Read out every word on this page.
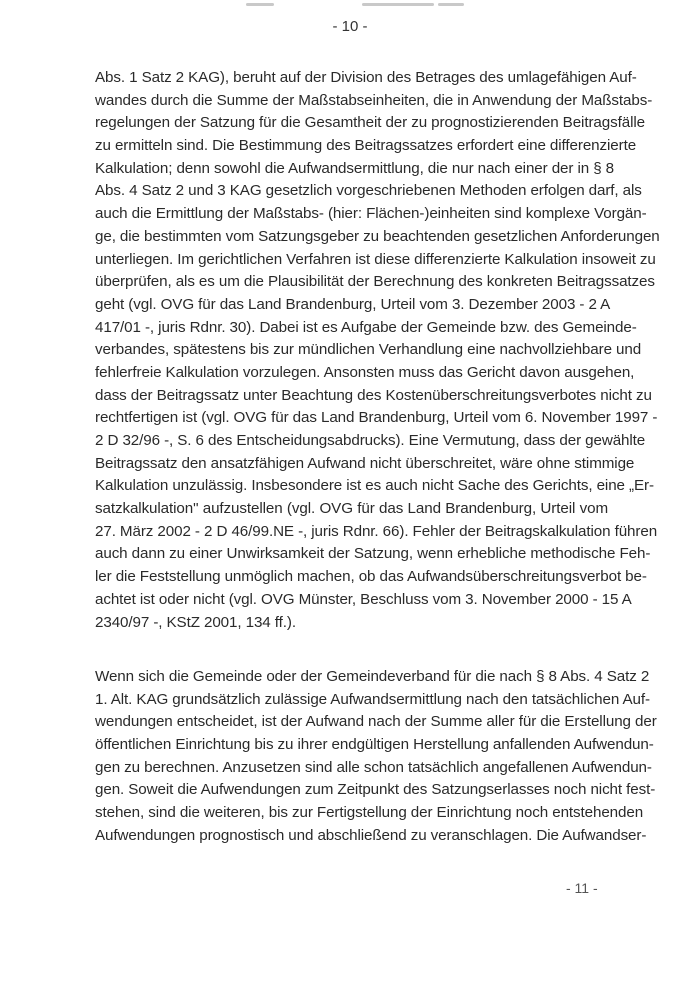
- 10 -
Abs. 1 Satz 2 KAG), beruht auf der Division des Betrages des umlagefähigen Auf-
wandes durch die Summe der Maßstabseinheiten, die in Anwendung der Maßstabs-
regelungen der Satzung für die Gesamtheit der zu prognostizierenden Beitragsfälle
zu ermitteln sind. Die Bestimmung des Beitragssatzes erfordert eine differenzierte
Kalkulation; denn sowohl die Aufwandsermittlung, die nur nach einer der in § 8
Abs. 4 Satz 2 und 3 KAG gesetzlich vorgeschriebenen Methoden erfolgen darf, als
auch die Ermittlung der Maßstabs- (hier: Flächen-)einheiten sind komplexe Vorgän-
ge, die bestimmten vom Satzungsgeber zu beachtenden gesetzlichen Anforderungen
unterliegen. Im gerichtlichen Verfahren ist diese differenzierte Kalkulation insoweit zu
überprüfen, als es um die Plausibilität der Berechnung des konkreten Beitragssatzes
geht (vgl. OVG für das Land Brandenburg, Urteil vom 3. Dezember 2003 - 2 A
417/01 -, juris Rdnr. 30). Dabei ist es Aufgabe der Gemeinde bzw. des Gemeinde-
verbandes, spätestens bis zur mündlichen Verhandlung eine nachvollziehbare und
fehlerfreie Kalkulation vorzulegen. Ansonsten muss das Gericht davon ausgehen,
dass der Beitragssatz unter Beachtung des Kostenüberschreitungsverbotes nicht zu
rechtfertigen ist (vgl. OVG für das Land Brandenburg, Urteil vom 6. November 1997 -
2 D 32/96 -, S. 6 des Entscheidungsabdrucks). Eine Vermutung, dass der gewählte
Beitragssatz den ansatzfähigen Aufwand nicht überschreitet, wäre ohne stimmige
Kalkulation unzulässig. Insbesondere ist es auch nicht Sache des Gerichts, eine „Er-
satzkalkulation" aufzustellen (vgl. OVG für das Land Brandenburg, Urteil vom
27. März 2002 - 2 D 46/99.NE -, juris Rdnr. 66). Fehler der Beitragskalkulation führen
auch dann zu einer Unwirksamkeit der Satzung, wenn erhebliche methodische Feh-
ler die Feststellung unmöglich machen, ob das Aufwandsüberschreitungsverbot be-
achtet ist oder nicht (vgl. OVG Münster, Beschluss vom 3. November 2000 - 15 A
2340/97 -, KStZ 2001, 134 ff.).
Wenn sich die Gemeinde oder der Gemeindeverband für die nach § 8 Abs. 4 Satz 2
1. Alt. KAG grundsätzlich zulässige Aufwandsermittlung nach den tatsächlichen Auf-
wendungen entscheidet, ist der Aufwand nach der Summe aller für die Erstellung der
öffentlichen Einrichtung bis zu ihrer endgültigen Herstellung anfallenden Aufwendun-
gen zu berechnen. Anzusetzen sind alle schon tatsächlich angefallenen Aufwendun-
gen. Soweit die Aufwendungen zum Zeitpunkt des Satzungserlasses noch nicht fest-
stehen, sind die weiteren, bis zur Fertigstellung der Einrichtung noch entstehenden
Aufwendungen prognostisch und abschließend zu veranschlagen. Die Aufwandser-
- 11 -
